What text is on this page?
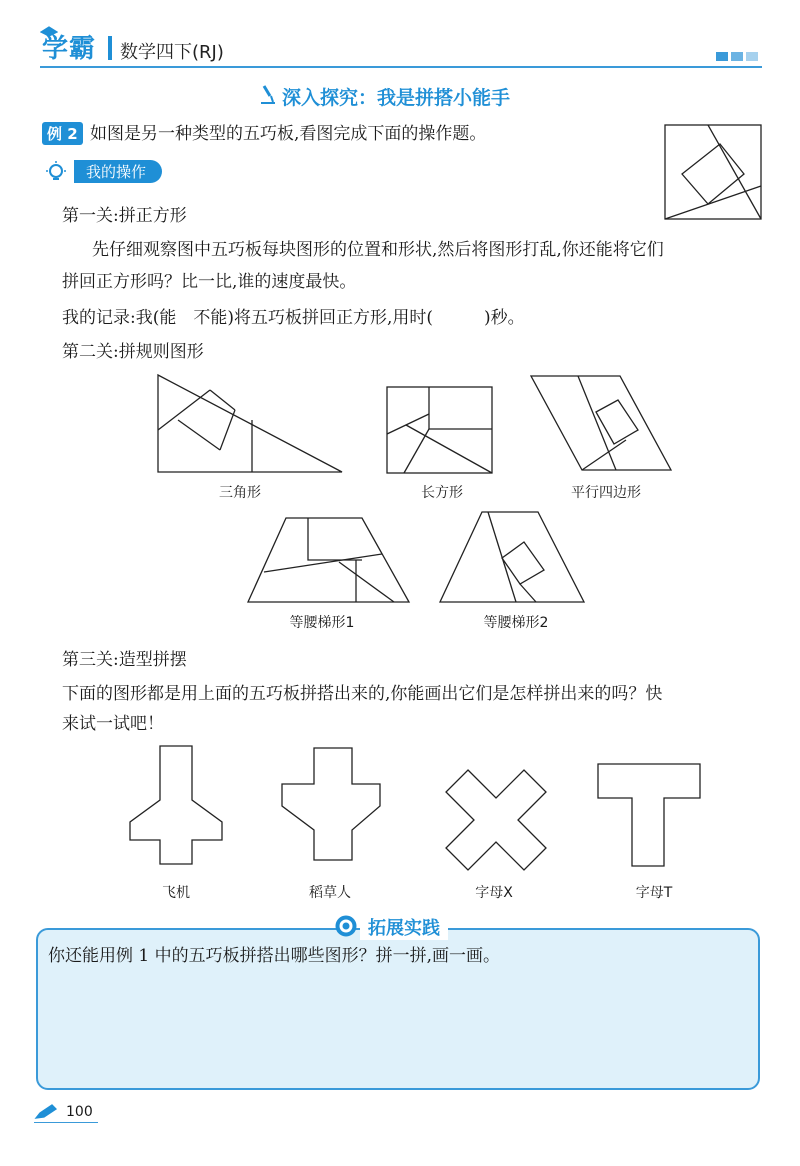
学霸 数学四下(RJ)
深入探究：我是拼搭小能手
例 2 如图是另一种类型的五巧板,看图完成下面的操作题。
我的操作
第一关:拼正方形
先仔细观察图中五巧板每块图形的位置和形状,然后将图形打乱,你还能将它们
拼回正方形吗？比一比,谁的速度最快。
我的记录:我(能　不能)将五巧板拼回正方形,用时(　　　)秒。
第二关:拼规则图形
三角形	长方形	平行四边形
等腰梯形1	等腰梯形2
第三关:造型拼摆
下面的图形都是用上面的五巧板拼搭出来的,你能画出它们是怎样拼出来的吗？快
来试一试吧！
飞机	稻草人	字母X	字母T
拓展实践
你还能用例 1 中的五巧板拼搭出哪些图形？拼一拼,画一画。
100
